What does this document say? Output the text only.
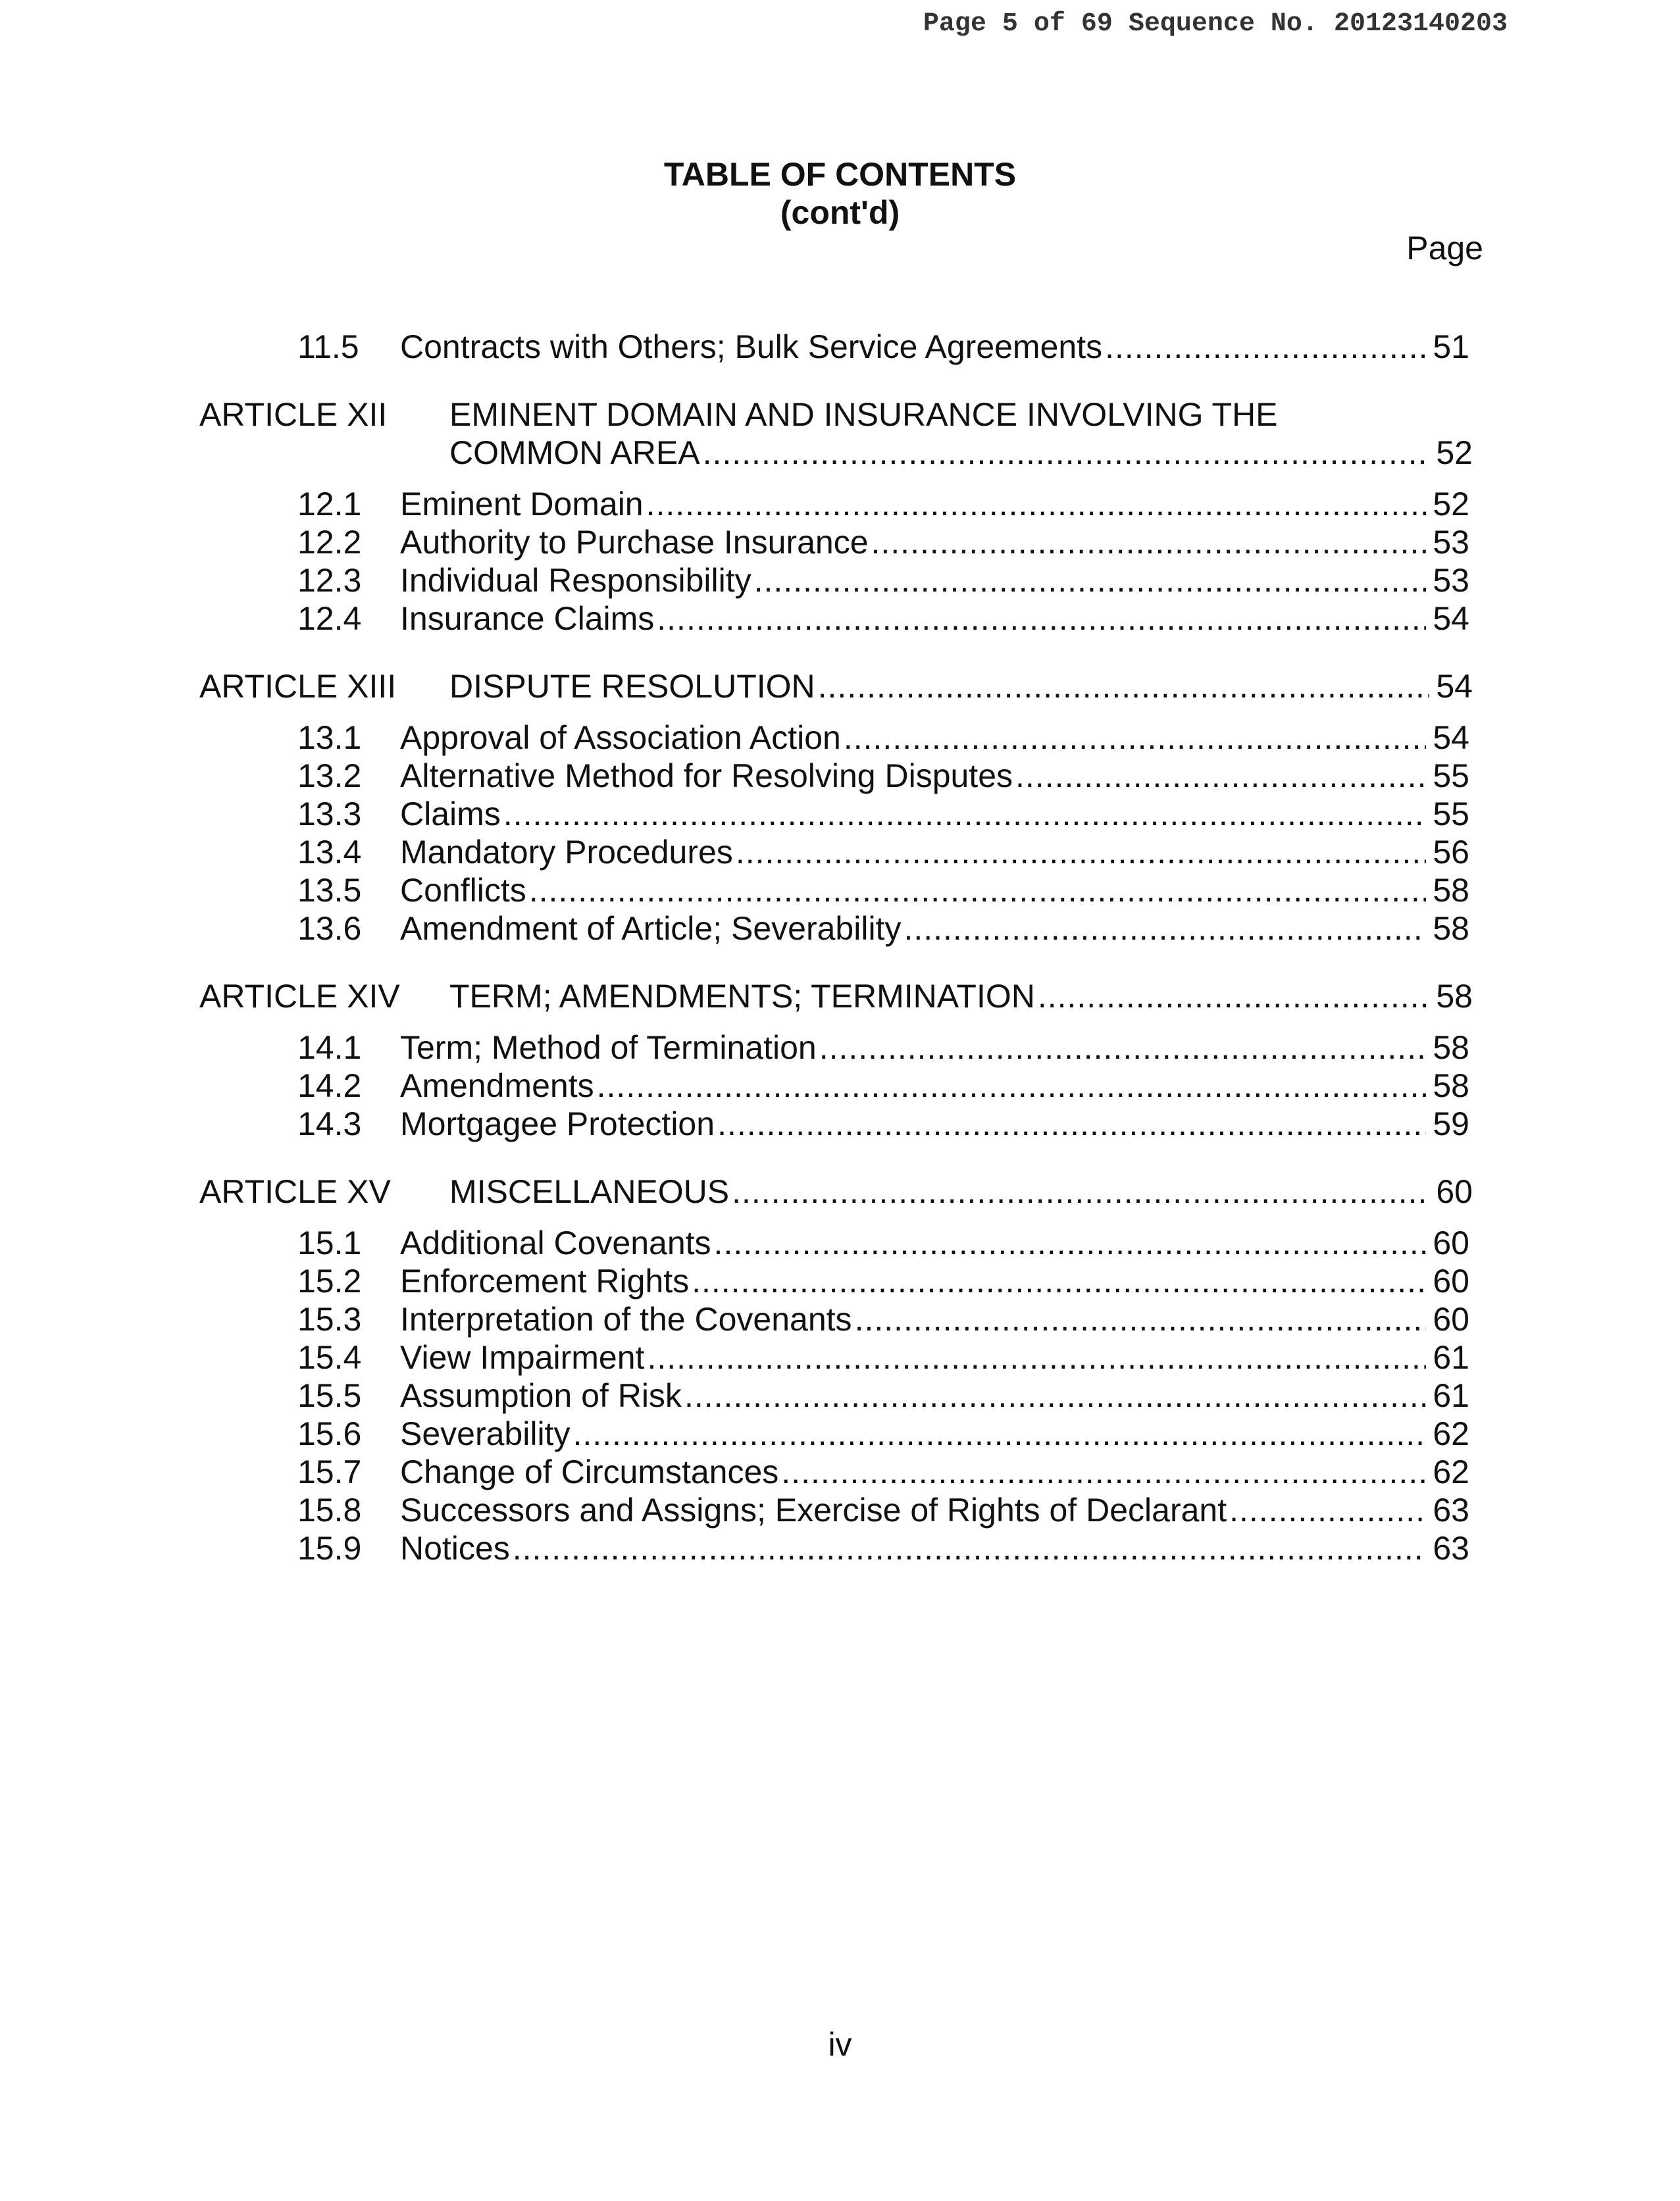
Page 5 of 69 Sequence No. 20123140203
TABLE OF CONTENTS
(cont'd)
Page
11.5	Contracts with Others; Bulk Service Agreements .....	51
ARTICLE XII	EMINENT DOMAIN AND INSURANCE INVOLVING THE
COMMON AREA .....	52
12.1	Eminent Domain .....	52
12.2	Authority to Purchase Insurance .....	53
12.3	Individual Responsibility .....	53
12.4	Insurance Claims .....	54
ARTICLE XIII	DISPUTE RESOLUTION .....	54
13.1	Approval of Association Action .....	54
13.2	Alternative Method for Resolving Disputes .....	55
13.3	Claims .....	55
13.4	Mandatory Procedures .....	56
13.5	Conflicts .....	58
13.6	Amendment of Article; Severability .....	58
ARTICLE XIV	TERM; AMENDMENTS; TERMINATION .....	58
14.1	Term; Method of Termination .....	58
14.2	Amendments .....	58
14.3	Mortgagee Protection .....	59
ARTICLE XV	MISCELLANEOUS .....	60
15.1	Additional Covenants .....	60
15.2	Enforcement Rights .....	60
15.3	Interpretation of the Covenants .....	60
15.4	View Impairment .....	61
15.5	Assumption of Risk .....	61
15.6	Severability .....	62
15.7	Change of Circumstances .....	62
15.8	Successors and Assigns; Exercise of Rights of Declarant .....	63
15.9	Notices .....	63
iv
